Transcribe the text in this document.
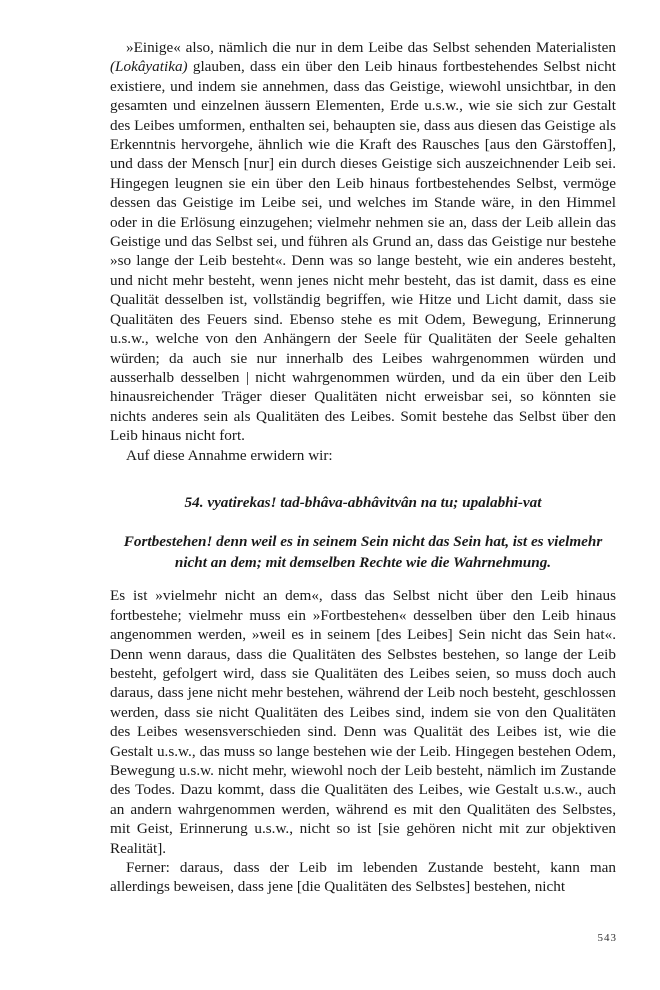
»Einige« also, nämlich die nur in dem Leibe das Selbst sehenden Materialisten (Lokâyatika) glauben, dass ein über den Leib hinaus fortbestehendes Selbst nicht existiere, und indem sie annehmen, dass das Geistige, wiewohl unsichtbar, in den gesamten und einzelnen äussern Elementen, Erde u.s.w., wie sie sich zur Gestalt des Leibes umformen, enthalten sei, behaupten sie, dass aus diesen das Geistige als Erkenntnis hervorgehe, ähnlich wie die Kraft des Rausches [aus den Gärstoffen], und dass der Mensch [nur] ein durch dieses Geistige sich auszeichnender Leib sei. Hingegen leugnen sie ein über den Leib hinaus fortbestehendes Selbst, vermöge dessen das Geistige im Leibe sei, und welches im Stande wäre, in den Himmel oder in die Erlösung einzugehen; vielmehr nehmen sie an, dass der Leib allein das Geistige und das Selbst sei, und führen als Grund an, dass das Geistige nur bestehe »so lange der Leib besteht«. Denn was so lange besteht, wie ein anderes besteht, und nicht mehr besteht, wenn jenes nicht mehr besteht, das ist damit, dass es eine Qualität desselben ist, vollständig begriffen, wie Hitze und Licht damit, dass sie Qualitäten des Feuers sind. Ebenso stehe es mit Odem, Bewegung, Erinnerung u.s.w., welche von den Anhängern der Seele für Qualitäten der Seele gehalten würden; da auch sie nur innerhalb des Leibes wahrgenommen würden und ausserhalb desselben | nicht wahrgenommen würden, und da ein über den Leib hinausreichender Träger dieser Qualitäten nicht erweisbar sei, so könnten sie nichts anderes sein als Qualitäten des Leibes. Somit bestehe das Selbst über den Leib hinaus nicht fort.

Auf diese Annahme erwidern wir:

54. vyatirekas! tad-bhâva-abhâvitvân na tu; upalabhi-vat

Fortbestehen! denn weil es in seinem Sein nicht das Sein hat, ist es vielmehr nicht an dem; mit demselben Rechte wie die Wahrnehmung.

Es ist »vielmehr nicht an dem«, dass das Selbst nicht über den Leib hinaus fortbestehe; vielmehr muss ein »Fortbestehen« desselben über den Leib hinaus angenommen werden, »weil es in seinem [des Leibes] Sein nicht das Sein hat«. Denn wenn daraus, dass die Qualitäten des Selbstes bestehen, so lange der Leib besteht, gefolgert wird, dass sie Qualitäten des Leibes seien, so muss doch auch daraus, dass jene nicht mehr bestehen, während der Leib noch besteht, geschlossen werden, dass sie nicht Qualitäten des Leibes sind, indem sie von den Qualitäten des Leibes wesensverschieden sind. Denn was Qualität des Leibes ist, wie die Gestalt u.s.w., das muss so lange bestehen wie der Leib. Hingegen bestehen Odem, Bewegung u.s.w. nicht mehr, wiewohl noch der Leib besteht, nämlich im Zustande des Todes. Dazu kommt, dass die Qualitäten des Leibes, wie Gestalt u.s.w., auch an andern wahrgenommen werden, während es mit den Qualitäten des Selbstes, mit Geist, Erinnerung u.s.w., nicht so ist [sie gehören nicht mit zur objektiven Realität].

Ferner: daraus, dass der Leib im lebenden Zustande besteht, kann man allerdings beweisen, dass jene [die Qualitäten des Selbstes] bestehen, nicht

543
